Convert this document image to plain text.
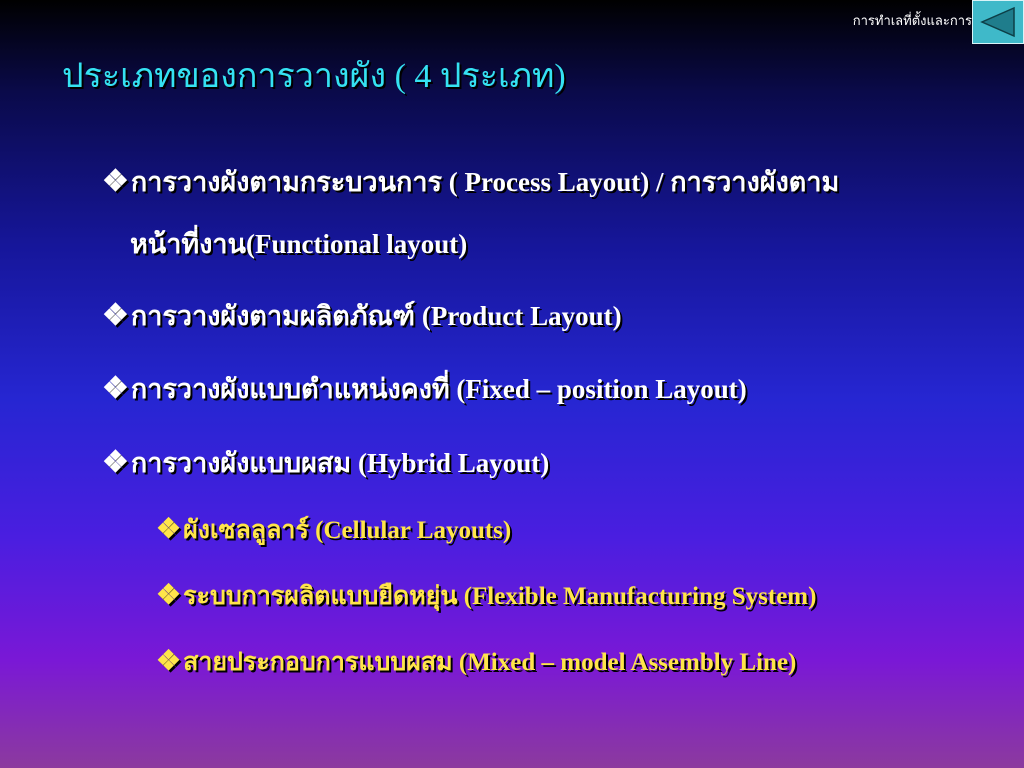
การทำเลที่ตั้งและการ
ประเภทของการวางผัง ( 4 ประเภท)
❖การวางผังตามกระบวนการ ( Process Layout) / การวางผังตาม
หน้าที่งาน(Functional layout)
❖การวางผังตามผลิตภัณฑ์ (Product Layout)
❖การวางผังแบบตำแหน่งคงที่ (Fixed – position Layout)
❖การวางผังแบบผสม (Hybrid Layout)
❖ผังเซลลูลาร์ (Cellular Layouts)
❖ระบบการผลิตแบบยืดหยุ่น (Flexible Manufacturing System)
❖สายประกอบการแบบผสม (Mixed – model Assembly Line)
